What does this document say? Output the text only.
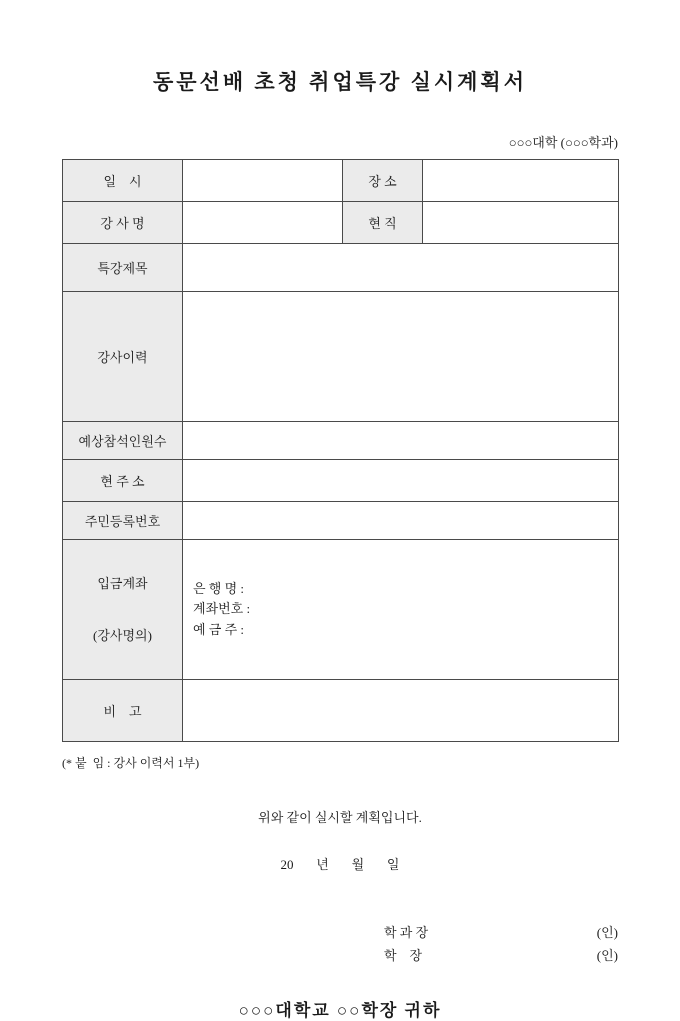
동문선배 초청 취업특강 실시계획서
○○○대학 (○○○학과)
일    시		장 소	
강 사 명		현 직	
특강제목			
강사이력			
예상참석인원수			
현 주 소			
주민등록번호			

입금계좌

(강사명의)

은 행 명 :
계좌번호 :
예 금 주 :

비    고			
(* 붙  임 : 강사 이력서 1부)
위와 같이 실시할 계획입니다.
20       년       월       일
학 과 장	(인)
학    장	(인)
○○○대학교 ○○학장 귀하
